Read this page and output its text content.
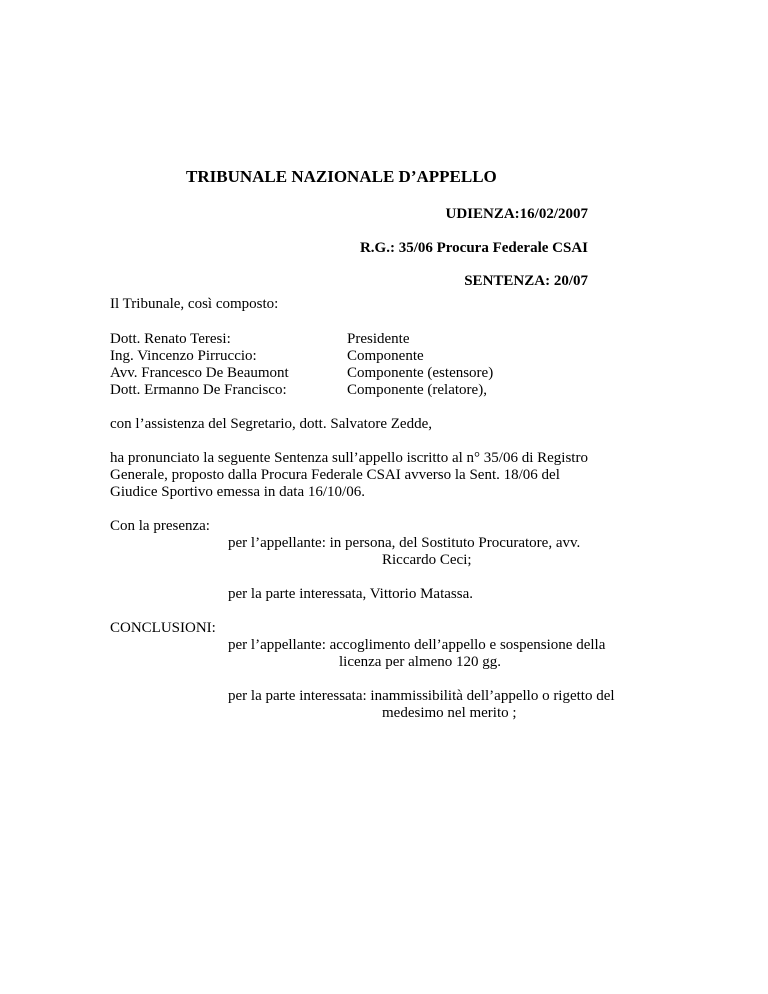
TRIBUNALE NAZIONALE D’APPELLO
UDIENZA:16/02/2007
R.G.: 35/06 Procura Federale CSAI
SENTENZA: 20/07
Il Tribunale, così composto:
Dott. Renato Teresi:	Presidente
Ing. Vincenzo Pirruccio:	Componente
Avv. Francesco De Beaumont	Componente (estensore)
Dott. Ermanno De Francisco:	Componente (relatore),
con l’assistenza del Segretario, dott. Salvatore Zedde,
ha pronunciato la seguente Sentenza sull’appello iscritto al n° 35/06 di Registro
Generale, proposto dalla Procura Federale CSAI avverso la Sent. 18/06 del
Giudice Sportivo emessa in data 16/10/06.
Con la presenza:
per l’appellante: in persona, del Sostituto Procuratore, avv.
Riccardo Ceci;
per la parte interessata, Vittorio Matassa.
CONCLUSIONI:
per l’appellante: accoglimento dell’appello e sospensione della
licenza per almeno 120 gg.
per la parte interessata: inammissibilità dell’appello o rigetto del
medesimo nel merito ;
